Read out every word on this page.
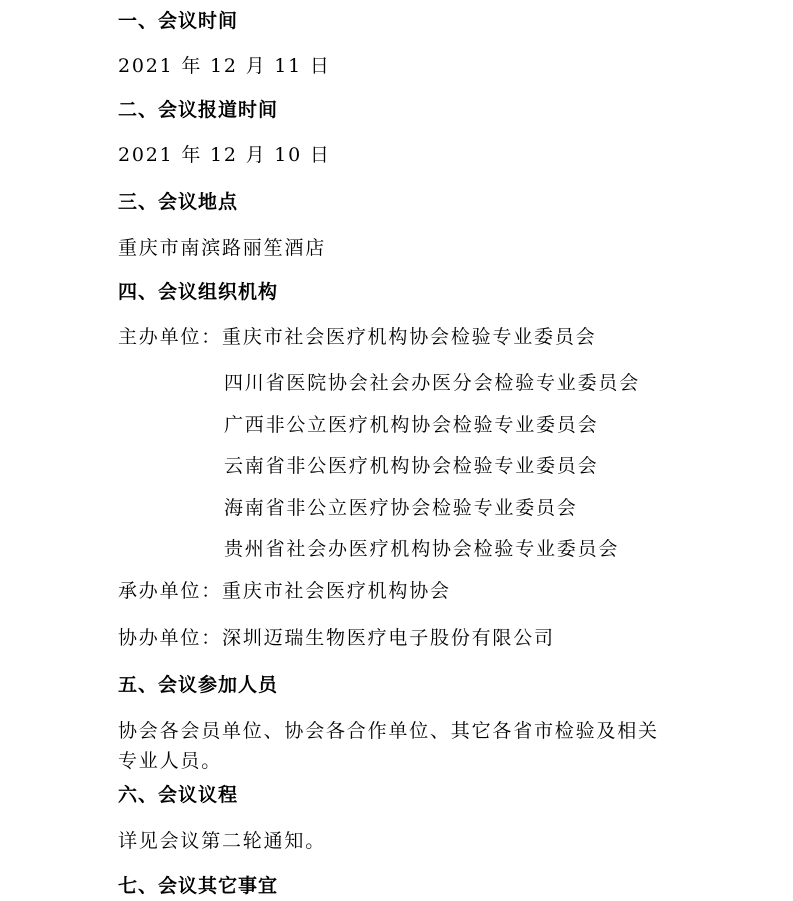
一、会议时间
2021 年 12 月 11 日
二、会议报道时间
2021 年 12 月 10 日
三、会议地点
重庆市南滨路丽笙酒店
四、会议组织机构
主办单位：重庆市社会医疗机构协会检验专业委员会
四川省医院协会社会办医分会检验专业委员会
广西非公立医疗机构协会检验专业委员会
云南省非公医疗机构协会检验专业委员会
海南省非公立医疗协会检验专业委员会
贵州省社会办医疗机构协会检验专业委员会
承办单位：重庆市社会医疗机构协会
协办单位：深圳迈瑞生物医疗电子股份有限公司
五、会议参加人员
协会各会员单位、协会各合作单位、其它各省市检验及相关
专业人员。
六、会议议程
详见会议第二轮通知。
七、会议其它事宜
